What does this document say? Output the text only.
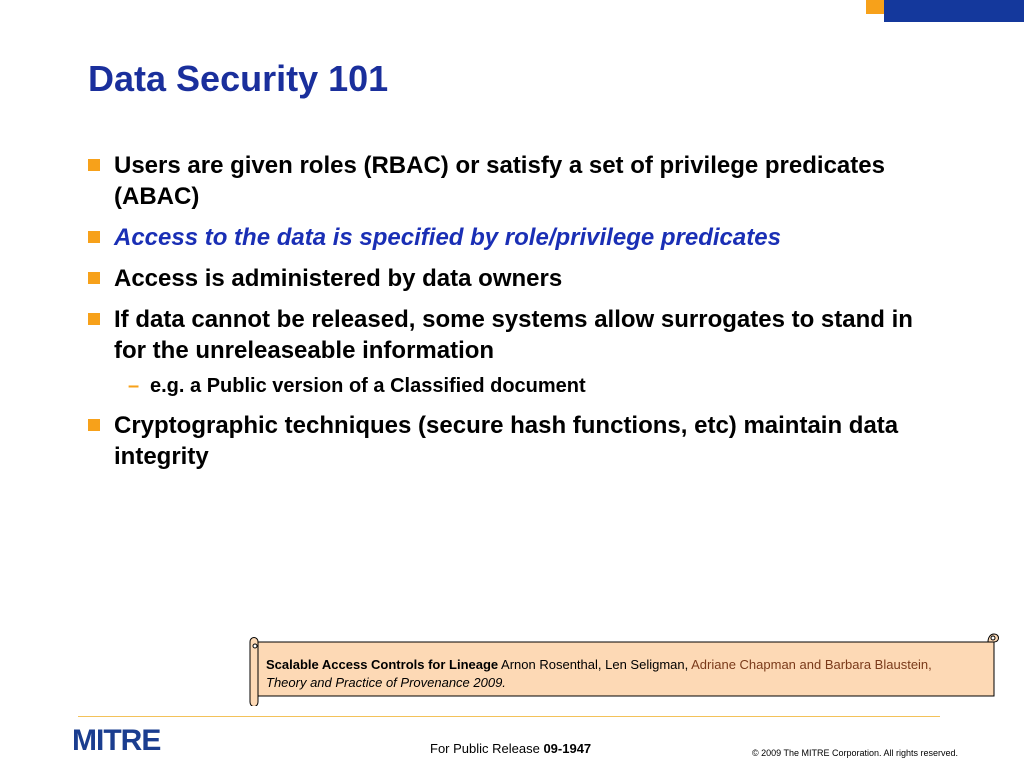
Data Security 101
Users are given roles (RBAC) or satisfy a set of privilege predicates (ABAC)
Access to the data is specified by role/privilege predicates
Access is administered by data owners
If data cannot be released, some systems allow surrogates to stand in for the unreleaseable information
– e.g. a Public version of a Classified document
Cryptographic techniques (secure hash functions, etc) maintain data integrity
Scalable Access Controls for Lineage Arnon Rosenthal, Len Seligman, Adriane Chapman and Barbara Blaustein, Theory and Practice of Provenance 2009.
MITRE	For Public Release 09-1947	© 2009 The MITRE Corporation. All rights reserved.
